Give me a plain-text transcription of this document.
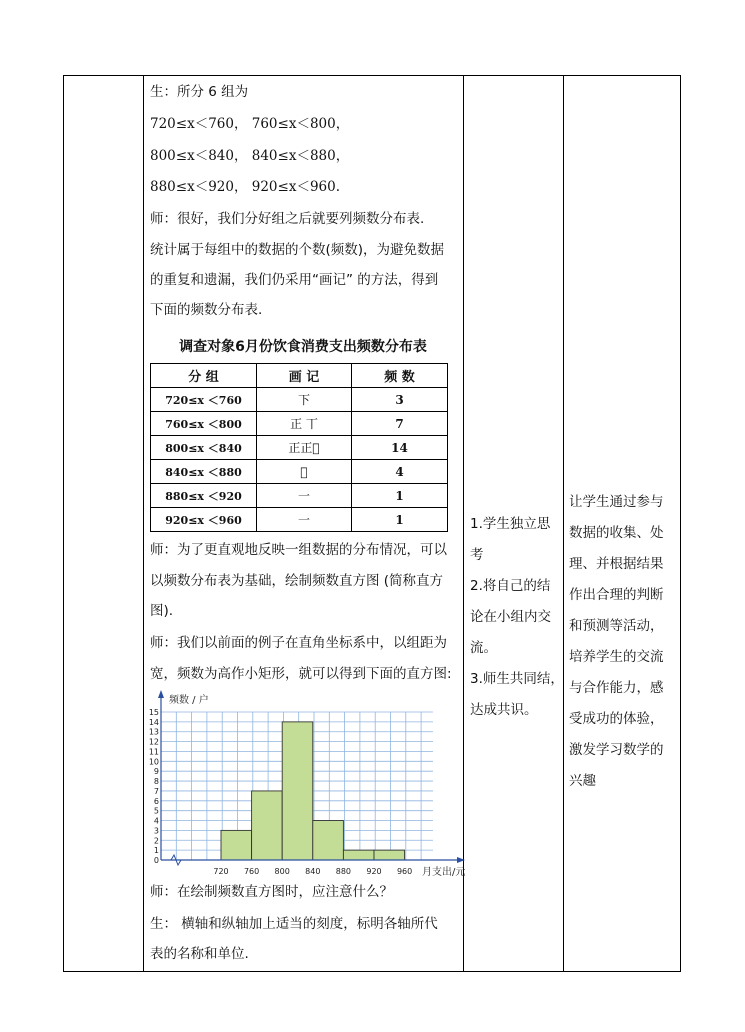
生：所分 6 组为
720≤x＜760， 760≤x＜800，
800≤x＜840， 840≤x＜880，
880≤x＜920， 920≤x＜960.
师：很好，我们分好组之后就要列频数分布表.
统计属于每组中的数据的个数(频数)，为避免数据
的重复和遗漏，我们仍采用“画记” 的方法，得到
下面的频数分布表.
调查对象6月份饮食消费支出频数分布表
分 组	画 记	频 数
720≤x ＜760	下	3
760≤x ＜800	正 丅	7
800≤x ＜840	正正𠄧	14
840≤x ＜880	𠄧	4
880≤x ＜920	一	1
920≤x ＜960	一	1
师：为了更直观地反映一组数据的分布情况，可以
以频数分布表为基础，绘制频数直方图 (简称直方
图).
师：我们以前面的例子在直角坐标系中，以组距为
宽，频数为高作小矩形，就可以得到下面的直方图:
0
1
2
3
4
5
6
7
8
9
10
11
12
13
14
15
720 760 800 840 880 920 960
频数 / 户
月支出/元
师：在绘制频数直方图时，应注意什么？
生： 横轴和纵轴加上适当的刻度，标明各轴所代
表的名称和单位.
1.学生独立思
考
2.将自己的结
论在小组内交
流。
3.师生共同结，
达成共识。
让学生通过参与
数据的收集、处
理、并根据结果
作出合理的判断
和预测等活动，
培养学生的交流
与合作能力，感
受成功的体验，
激发学习数学的
兴趣
